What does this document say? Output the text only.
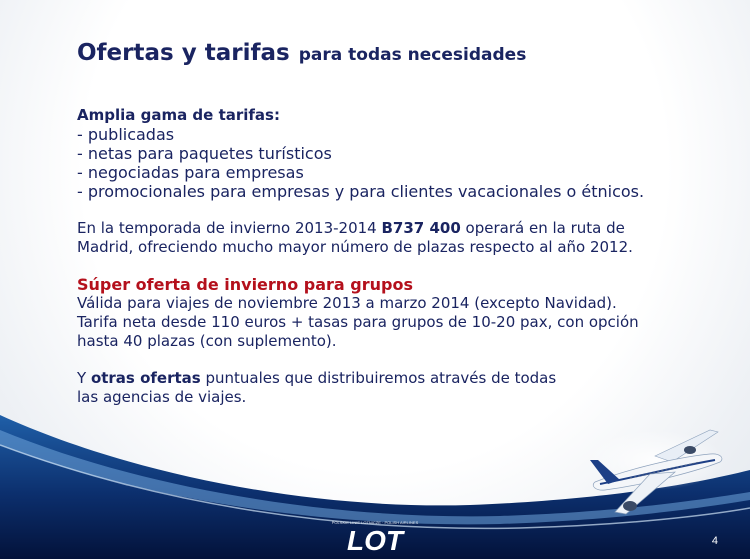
POLSKIE LINIE LOTNICZE · POLISH AIRLINES
LOT
Ofertas y tarifas para todas necesidades

Amplia gama de tarifas:

- publicadas

- netas para paquetes turísticos

- negociadas para empresas

- promocionales para empresas y para clientes vacacionales o étnicos.

En la temporada de invierno 2013-2014 B737 400 operará en la ruta de
Madrid, ofreciendo mucho mayor número de plazas respecto al año 2012.

Súper oferta de invierno para grupos

Válida para viajes de noviembre 2013 a marzo 2014 (excepto Navidad).

Tarifa neta desde 110 euros + tasas para grupos de 10-20 pax, con opción

hasta 40 plazas (con suplemento).

Y otras ofertas puntuales que distribuiremos através de todas
las agencias de viajes.

4
